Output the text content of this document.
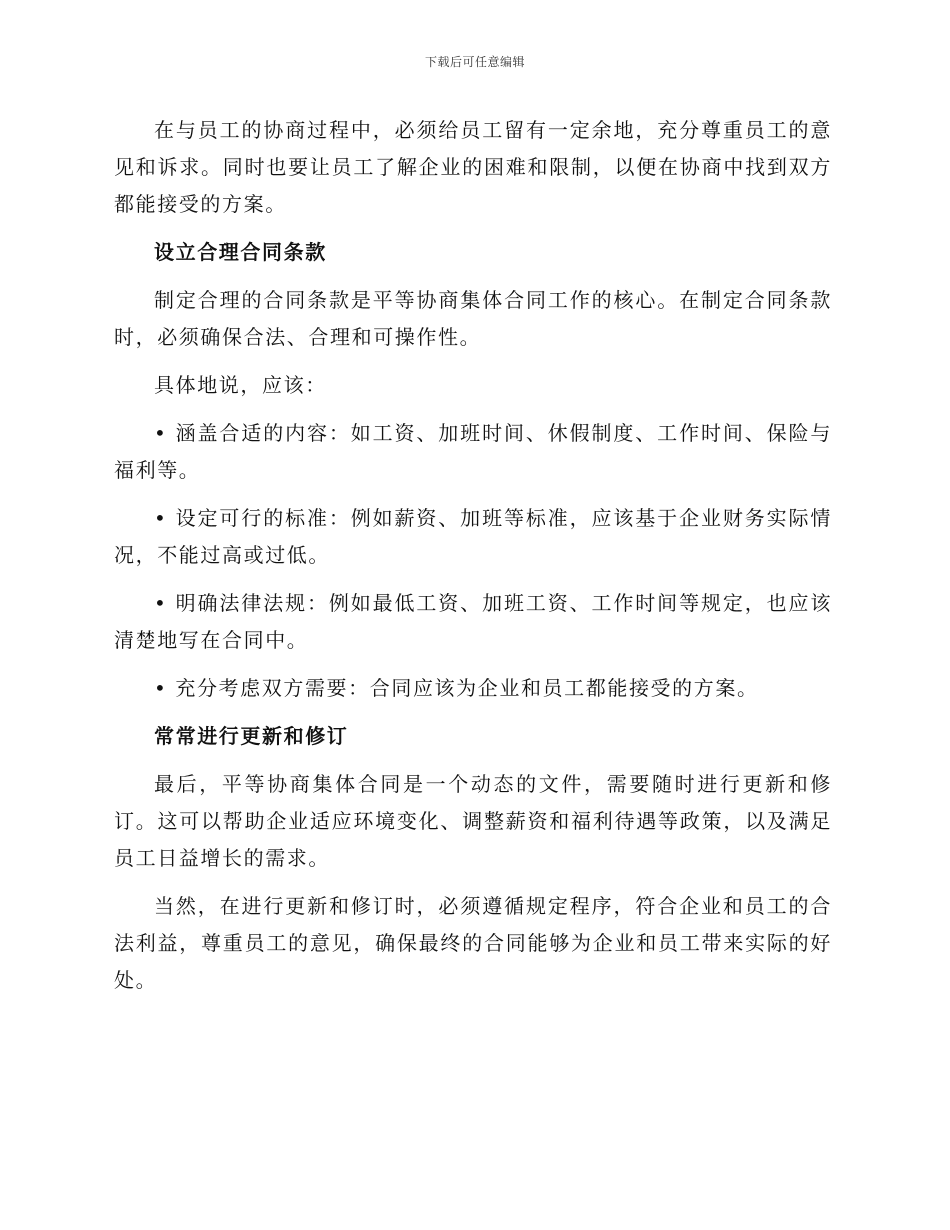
下载后可任意编辑

在与员工的协商过程中，必须给员工留有一定余地，充分尊重员工的意见和诉求。同时也要让员工了解企业的困难和限制，以便在协商中找到双方都能接受的方案。

设立合理合同条款

制定合理的合同条款是平等协商集体合同工作的核心。在制定合同条款时，必须确保合法、合理和可操作性。

具体地说，应该：

• 涵盖合适的内容：如工资、加班时间、休假制度、工作时间、保险与福利等。

• 设定可行的标准：例如薪资、加班等标准，应该基于企业财务实际情况，不能过高或过低。

• 明确法律法规：例如最低工资、加班工资、工作时间等规定，也应该清楚地写在合同中。

• 充分考虑双方需要：合同应该为企业和员工都能接受的方案。

常常进行更新和修订

最后，平等协商集体合同是一个动态的文件，需要随时进行更新和修订。这可以帮助企业适应环境变化、调整薪资和福利待遇等政策，以及满足员工日益增长的需求。

当然，在进行更新和修订时，必须遵循规定程序，符合企业和员工的合法利益，尊重员工的意见，确保最终的合同能够为企业和员工带来实际的好处。
